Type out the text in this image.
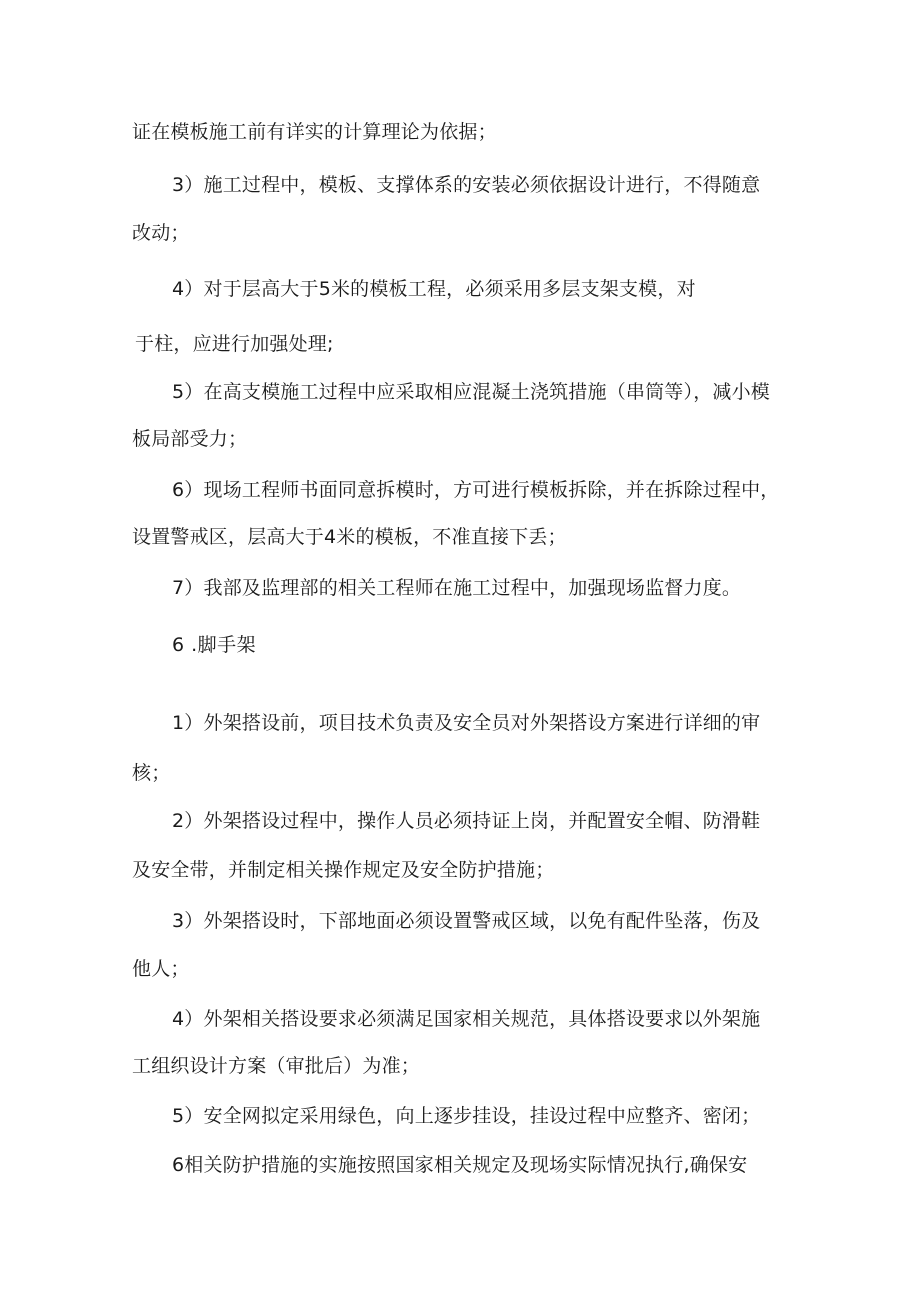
证在模板施工前有详实的计算理论为依据；
3）施工过程中，模板、支撑体系的安装必须依据设计进行，不得随意
改动；
4）对于层高大于5米的模板工程，必须采用多层支架支模，对
于柱，应进行加强处理;
5）在高支模施工过程中应采取相应混凝土浇筑措施（串筒等），减小模
板局部受力；
6）现场工程师书面同意拆模时，方可进行模板拆除，并在拆除过程中，
设置警戒区，层高大于4米的模板，不准直接下丢；
7）我部及监理部的相关工程师在施工过程中，加强现场监督力度。
6 .脚手架
1）外架搭设前，项目技术负责及安全员对外架搭设方案进行详细的审
核；
2）外架搭设过程中，操作人员必须持证上岗，并配置安全帽、防滑鞋
及安全带，并制定相关操作规定及安全防护措施；
3）外架搭设时，下部地面必须设置警戒区域，以免有配件坠落，伤及
他人；
4）外架相关搭设要求必须满足国家相关规范，具体搭设要求以外架施
工组织设计方案（审批后）为准；
5）安全网拟定采用绿色，向上逐步挂设，挂设过程中应整齐、密闭；
6相关防护措施的实施按照国家相关规定及现场实际情况执行,确保安
